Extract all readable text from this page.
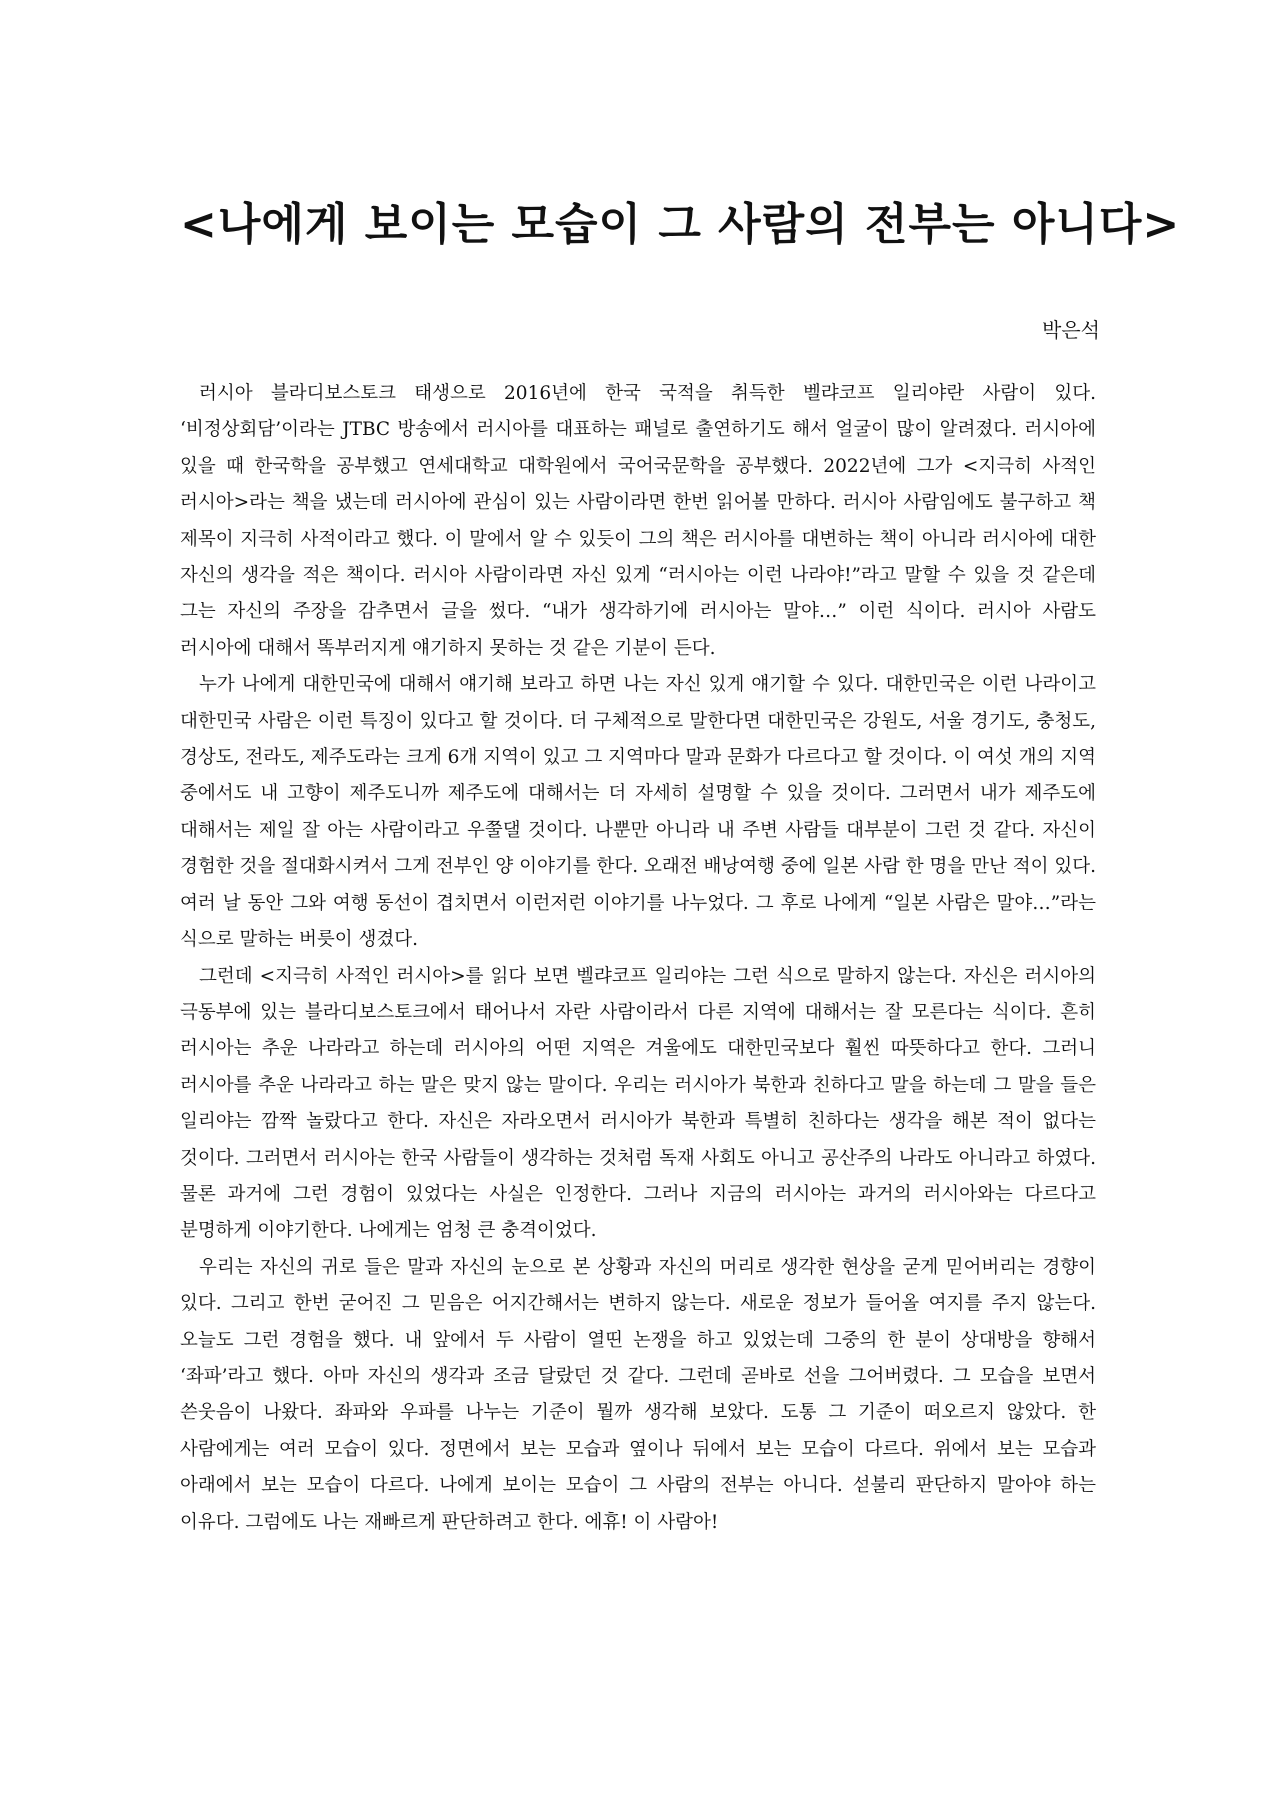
<나에게 보이는 모습이 그 사람의 전부는 아니다>

박은석

러시아 블라디보스토크 태생으로 2016년에 한국 국적을 취득한 벨랴코프 일리야란 사람이 있다. ‘비정상회담’이라는 JTBC 방송에서 러시아를 대표하는 패널로 출연하기도 해서 얼굴이 많이 알려졌다. 러시아에 있을 때 한국학을 공부했고 연세대학교 대학원에서 국어국문학을 공부했다. 2022년에 그가 <지극히 사적인 러시아>라는 책을 냈는데 러시아에 관심이 있는 사람이라면 한번 읽어볼 만하다. 러시아 사람임에도 불구하고 책 제목이 지극히 사적이라고 했다. 이 말에서 알 수 있듯이 그의 책은 러시아를 대변하는 책이 아니라 러시아에 대한 자신의 생각을 적은 책이다. 러시아 사람이라면 자신 있게 “러시아는 이런 나라야!”라고 말할 수 있을 것 같은데 그는 자신의 주장을 감추면서 글을 썼다. “내가 생각하기에 러시아는 말야…” 이런 식이다. 러시아 사람도 러시아에 대해서 똑부러지게 얘기하지 못하는 것 같은 기분이 든다.

누가 나에게 대한민국에 대해서 얘기해 보라고 하면 나는 자신 있게 얘기할 수 있다. 대한민국은 이런 나라이고 대한민국 사람은 이런 특징이 있다고 할 것이다. 더 구체적으로 말한다면 대한민국은 강원도, 서울 경기도, 충청도, 경상도, 전라도, 제주도라는 크게 6개 지역이 있고 그 지역마다 말과 문화가 다르다고 할 것이다. 이 여섯 개의 지역 중에서도 내 고향이 제주도니까 제주도에 대해서는 더 자세히 설명할 수 있을 것이다. 그러면서 내가 제주도에 대해서는 제일 잘 아는 사람이라고 우쭐댈 것이다. 나뿐만 아니라 내 주변 사람들 대부분이 그런 것 같다. 자신이 경험한 것을 절대화시켜서 그게 전부인 양 이야기를 한다. 오래전 배낭여행 중에 일본 사람 한 명을 만난 적이 있다. 여러 날 동안 그와 여행 동선이 겹치면서 이런저런 이야기를 나누었다. 그 후로 나에게 “일본 사람은 말야…”라는 식으로 말하는 버릇이 생겼다.

그런데 <지극히 사적인 러시아>를 읽다 보면 벨랴코프 일리야는 그런 식으로 말하지 않는다. 자신은 러시아의 극동부에 있는 블라디보스토크에서 태어나서 자란 사람이라서 다른 지역에 대해서는 잘 모른다는 식이다. 흔히 러시아는 추운 나라라고 하는데 러시아의 어떤 지역은 겨울에도 대한민국보다 훨씬 따뜻하다고 한다. 그러니 러시아를 추운 나라라고 하는 말은 맞지 않는 말이다. 우리는 러시아가 북한과 친하다고 말을 하는데 그 말을 들은 일리야는 깜짝 놀랐다고 한다. 자신은 자라오면서 러시아가 북한과 특별히 친하다는 생각을 해본 적이 없다는 것이다. 그러면서 러시아는 한국 사람들이 생각하는 것처럼 독재 사회도 아니고 공산주의 나라도 아니라고 하였다. 물론 과거에 그런 경험이 있었다는 사실은 인정한다. 그러나 지금의 러시아는 과거의 러시아와는 다르다고 분명하게 이야기한다. 나에게는 엄청 큰 충격이었다.

우리는 자신의 귀로 들은 말과 자신의 눈으로 본 상황과 자신의 머리로 생각한 현상을 굳게 믿어버리는 경향이 있다. 그리고 한번 굳어진 그 믿음은 어지간해서는 변하지 않는다. 새로운 정보가 들어올 여지를 주지 않는다. 오늘도 그런 경험을 했다. 내 앞에서 두 사람이 열띤 논쟁을 하고 있었는데 그중의 한 분이 상대방을 향해서 ‘좌파’라고 했다. 아마 자신의 생각과 조금 달랐던 것 같다. 그런데 곧바로 선을 그어버렸다. 그 모습을 보면서 쓴웃음이 나왔다. 좌파와 우파를 나누는 기준이 뭘까 생각해 보았다. 도통 그 기준이 떠오르지 않았다. 한 사람에게는 여러 모습이 있다. 정면에서 보는 모습과 옆이나 뒤에서 보는 모습이 다르다. 위에서 보는 모습과 아래에서 보는 모습이 다르다. 나에게 보이는 모습이 그 사람의 전부는 아니다. 섣불리 판단하지 말아야 하는 이유다. 그럼에도 나는 재빠르게 판단하려고 한다. 에휴! 이 사람아!
